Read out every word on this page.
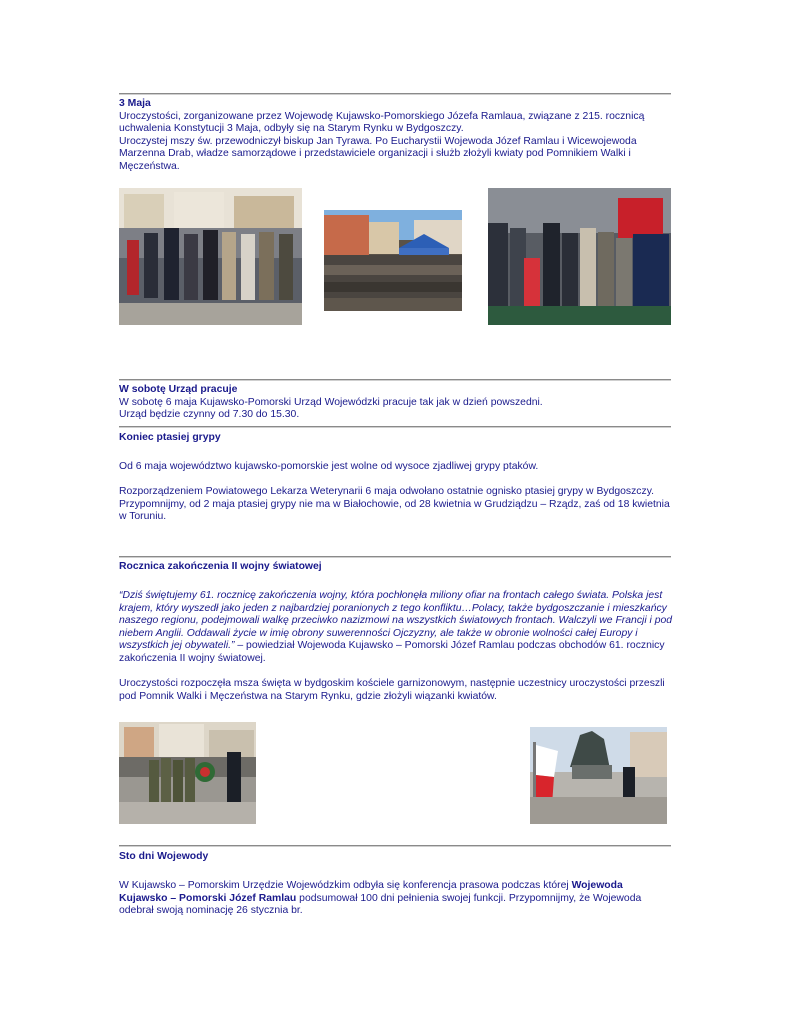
3 Maja
Uroczystości, zorganizowane przez Wojewodę Kujawsko-Pomorskiego Józefa Ramlaua, związane z 215. rocznicą
uchwalenia Konstytucji 3 Maja, odbyły się na Starym Rynku w Bydgoszczy.
Uroczystej mszy św. przewodniczył biskup Jan Tyrawa. Po Eucharystii Wojewoda Józef Ramlau i Wicewojewoda
Marzenna Drab, władze samorządowe i przedstawiciele organizacji i służb złożyli kwiaty pod Pomnikiem Walki i
Męczeństwa.
W sobotę Urząd pracuje
W sobotę 6 maja Kujawsko-Pomorski Urząd Wojewódzki pracuje tak jak w dzień powszedni.
Urząd będzie czynny od 7.30 do 15.30.
Koniec ptasiej grypy
Od 6 maja województwo kujawsko-pomorskie jest wolne od wysoce zjadliwej grypy ptaków.
Rozporządzeniem Powiatowego Lekarza Weterynarii 6 maja odwołano ostatnie ognisko ptasiej grypy w Bydgoszczy.
Przypomnijmy, od 2 maja ptasiej grypy nie ma w Białochowie, od 28 kwietnia w Grudziądzu – Rządz, zaś od 18 kwietnia
w Toruniu.
Rocznica zakończenia II wojny światowej
“Dziś świętujemy 61. rocznicę zakończenia wojny, która pochłonęła miliony ofiar na frontach całego świata. Polska jest
krajem, który wyszedł jako jeden z najbardziej poranionych z tego konfliktu…Polacy, także bydgoszczanie i mieszkańcy
naszego regionu, podejmowali walkę przeciwko nazizmowi na wszystkich światowych frontach. Walczyli we Francji i pod
niebem Anglii. Oddawali życie w imię obrony suwerenności Ojczyzny, ale także w obronie wolności całej Europy i
wszystkich jej obywateli.” – powiedział Wojewoda Kujawsko – Pomorski Józef Ramlau podczas obchodów 61. rocznicy
zakończenia II wojny światowej.
Uroczystości rozpoczęła msza święta w bydgoskim kościele garnizonowym, następnie uczestnicy uroczystości przeszli
pod Pomnik Walki i Męczeństwa na Starym Rynku, gdzie złożyli wiązanki kwiatów.
Sto dni Wojewody
W Kujawsko – Pomorskim Urzędzie Wojewódzkim odbyła się konferencja prasowa podczas której Wojewoda
Kujawsko – Pomorski Józef Ramlau podsumował 100 dni pełnienia swojej funkcji. Przypomnijmy, że Wojewoda
odebrał swoją nominację 26 stycznia br.
